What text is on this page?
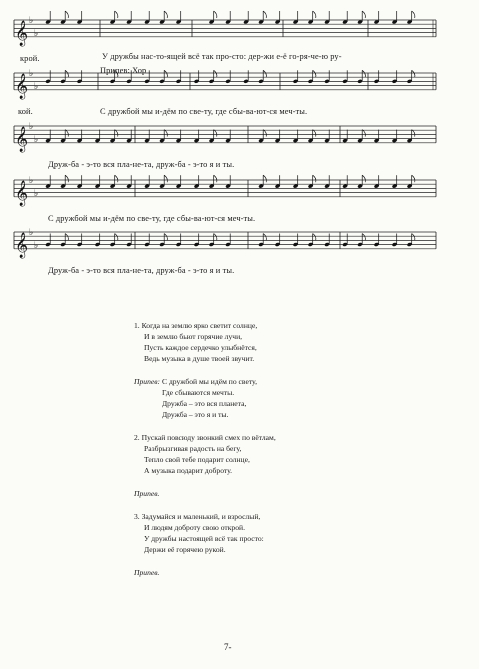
𝄞 ♭
♭
𝄞 ♭
♭
𝄞 ♭
♭
𝄞 ♭
♭
𝄞 ♭
♭
Припев: Хор
крой.	У дружбы нас-то-ящей всё так про-сто: дер-жи е-ё го-ря-че-ю ру-
кой.	С дружбой мы и-дём по све-ту, где сбы-ва-ют-ся меч-ты.
Друж-ба - э-то вся пла-не-та, друж-ба - э-то я и ты.
С дружбой мы и-дём по све-ту, где сбы-ва-ют-ся меч-ты.
Друж-ба - э-то вся пла-не-та, друж-ба - э-то я и ты.
1. Когда на землю ярко светит солнце,
И в землю бьют горячие лучи,
Пусть каждое сердечко улыбнётся,
Ведь музыка в душе твоей звучит.
Припев: С дружбой мы идём по свету,
Где сбываются мечты.
Дружба – это вся планета,
Дружба – это я и ты.
2. Пускай повсюду звонкий смех по вётлам,
Разбрызгивая радость на бегу,
Тепло свой тебе подарит солнце,
А музыка подарит доброту.
Припев.
3. Задумайся и маленький, и взрослый,
И людям доброту свою открой.
У дружбы настоящей всё так просто:
Держи её горячею рукой.
Припев.
7-
